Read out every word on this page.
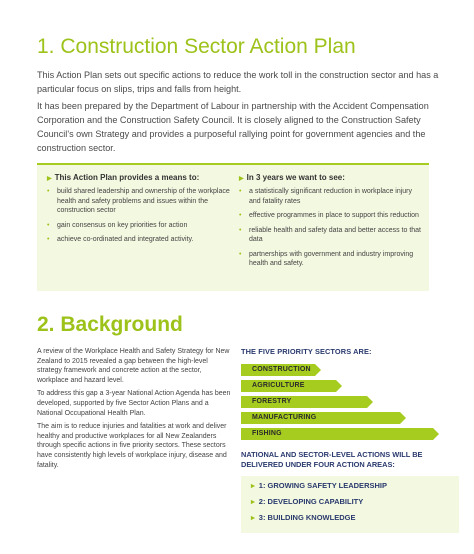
1. Construction Sector Action Plan

This Action Plan sets out specific actions to reduce the work toll in the construction sector and has a particular focus on slips, trips and falls from height.

It has been prepared by the Department of Labour in partnership with the Accident Compensation Corporation and the Construction Safety Council. It is closely aligned to the Construction Safety Council's own Strategy and provides a purposeful rallying point for government agencies and the construction sector.

▶ This Action Plan provides a means to:
• build shared leadership and ownership of the workplace health and safety problems and issues within the construction sector
• gain consensus on key priorities for action
• achieve co-ordinated and integrated activity.
▶ In 3 years we want to see:
• a statistically significant reduction in workplace injury and fatality rates
• effective programmes in place to support this reduction
• reliable health and safety data and better access to that data
• partnerships with government and industry improving health and safety.
2. Background

A review of the Workplace Health and Safety Strategy for New Zealand to 2015 revealed a gap between the high-level strategy framework and concrete action at the sector, workplace and hazard level.

To address this gap a 3-year National Action Agenda has been developed, supported by five Sector Action Plans and a National Occupational Health Plan.

The aim is to reduce injuries and fatalities at work and deliver healthy and productive workplaces for all New Zealanders through specific actions in five priority sectors. These sectors have consistently high levels of workplace injury, disease and fatality.

THE FIVE PRIORITY SECTORS ARE:
CONSTRUCTION
AGRICULTURE
FORESTRY
MANUFACTURING
FISHING
NATIONAL AND SECTOR-LEVEL ACTIONS WILL BE DELIVERED UNDER FOUR ACTION AREAS:
▸ 1: GROWING SAFETY LEADERSHIP
▸ 2: DEVELOPING CAPABILITY
▸ 3: BUILDING KNOWLEDGE
